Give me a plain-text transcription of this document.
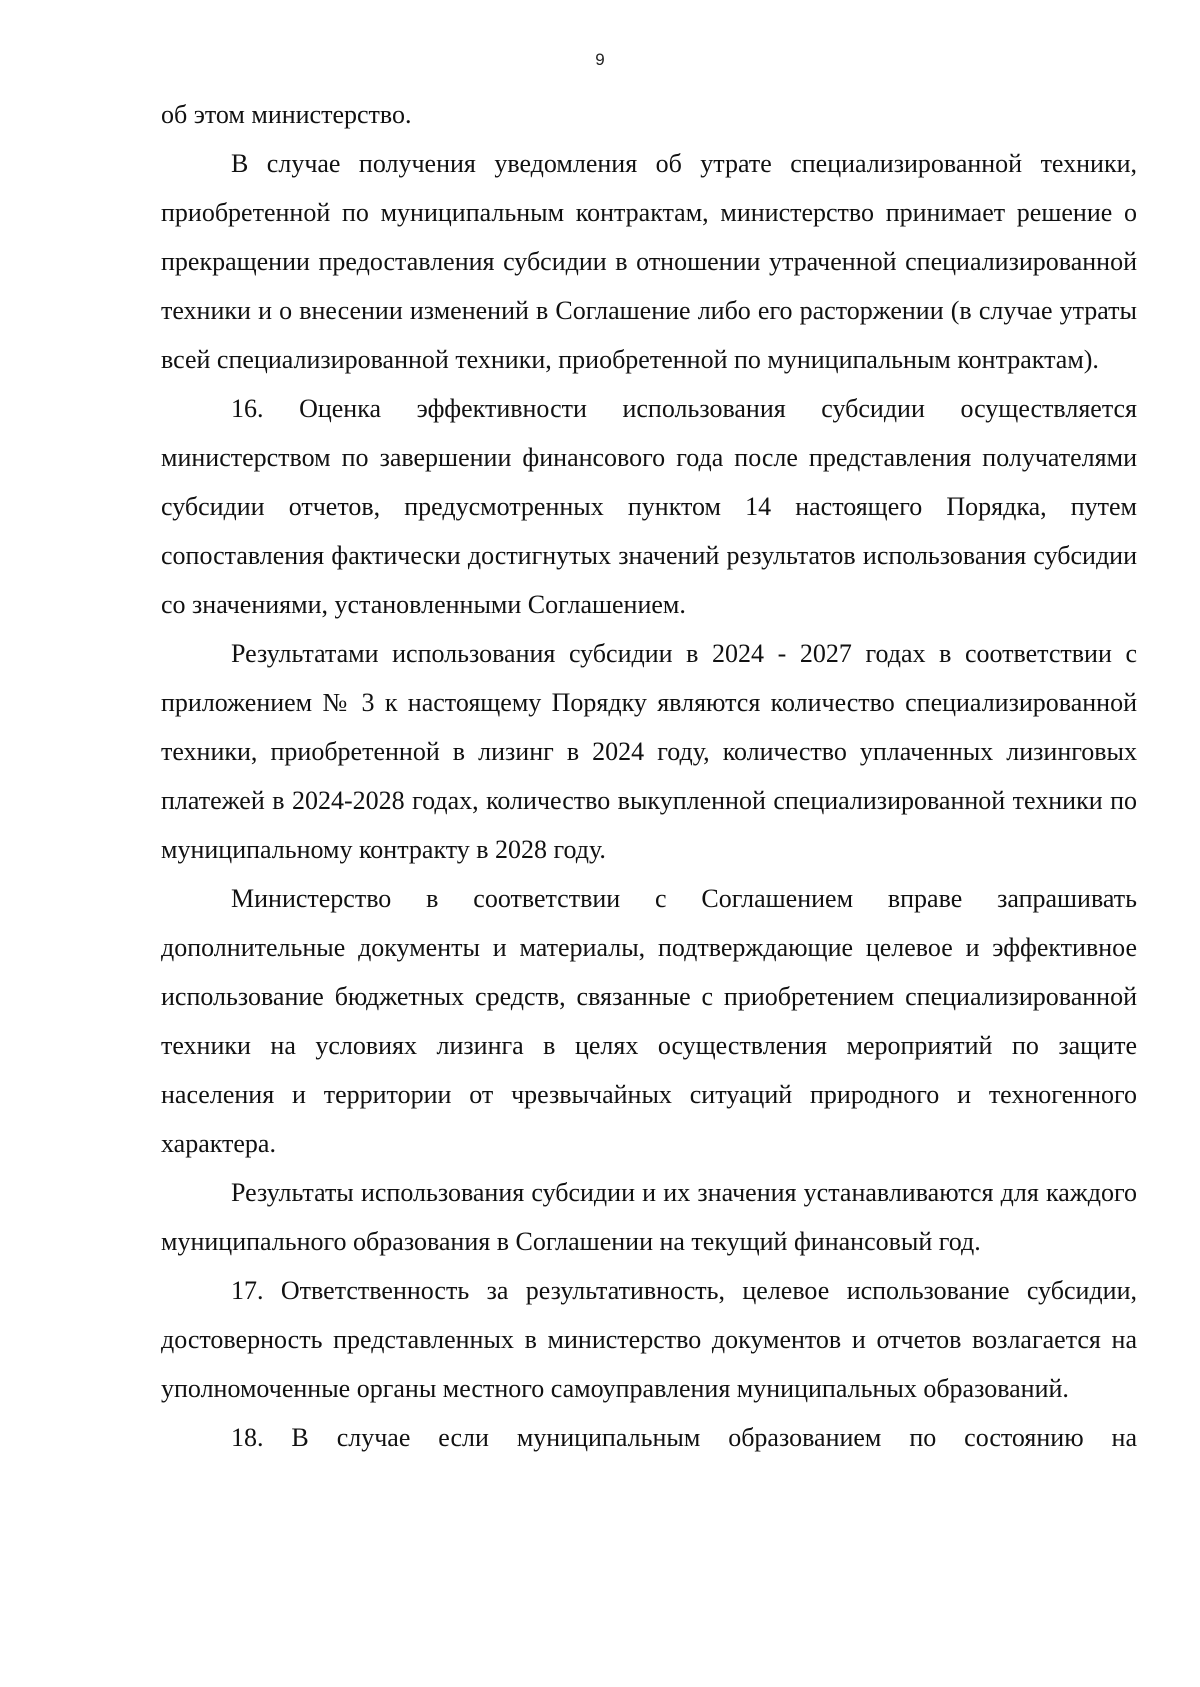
9

об этом министерство.

В случае получения уведомления об утрате специализированной техники, приобретенной по муниципальным контрактам, министерство принимает решение о прекращении предоставления субсидии в отношении утраченной специализированной техники и о внесении изменений в Соглашение либо его расторжении (в случае утраты всей специализированной техники, приобретенной по муниципальным контрактам).

16. Оценка эффективности использования субсидии осуществляется министерством по завершении финансового года после представления получателями субсидии отчетов, предусмотренных пунктом 14 настоящего Порядка, путем сопоставления фактически достигнутых значений результатов использования субсидии со значениями, установленными Соглашением.

Результатами использования субсидии в 2024 - 2027 годах в соответствии с приложением № 3 к настоящему Порядку являются количество специализированной техники, приобретенной в лизинг в 2024 году, количество уплаченных лизинговых платежей в 2024-2028 годах, количество выкупленной специализированной техники по муниципальному контракту в 2028 году.

Министерство в соответствии с Соглашением вправе запрашивать дополнительные документы и материалы, подтверждающие целевое и эффективное использование бюджетных средств, связанные с приобретением специализированной техники на условиях лизинга в целях осуществления мероприятий по защите населения и территории от чрезвычайных ситуаций природного и техногенного характера.

Результаты использования субсидии и их значения устанавливаются для каждого муниципального образования в Соглашении на текущий финансовый год.

17. Ответственность за результативность, целевое использование субсидии, достоверность представленных в министерство документов и отчетов возлагается на уполномоченные органы местного самоуправления муниципальных образований.

18. В случае если муниципальным образованием по состоянию на
